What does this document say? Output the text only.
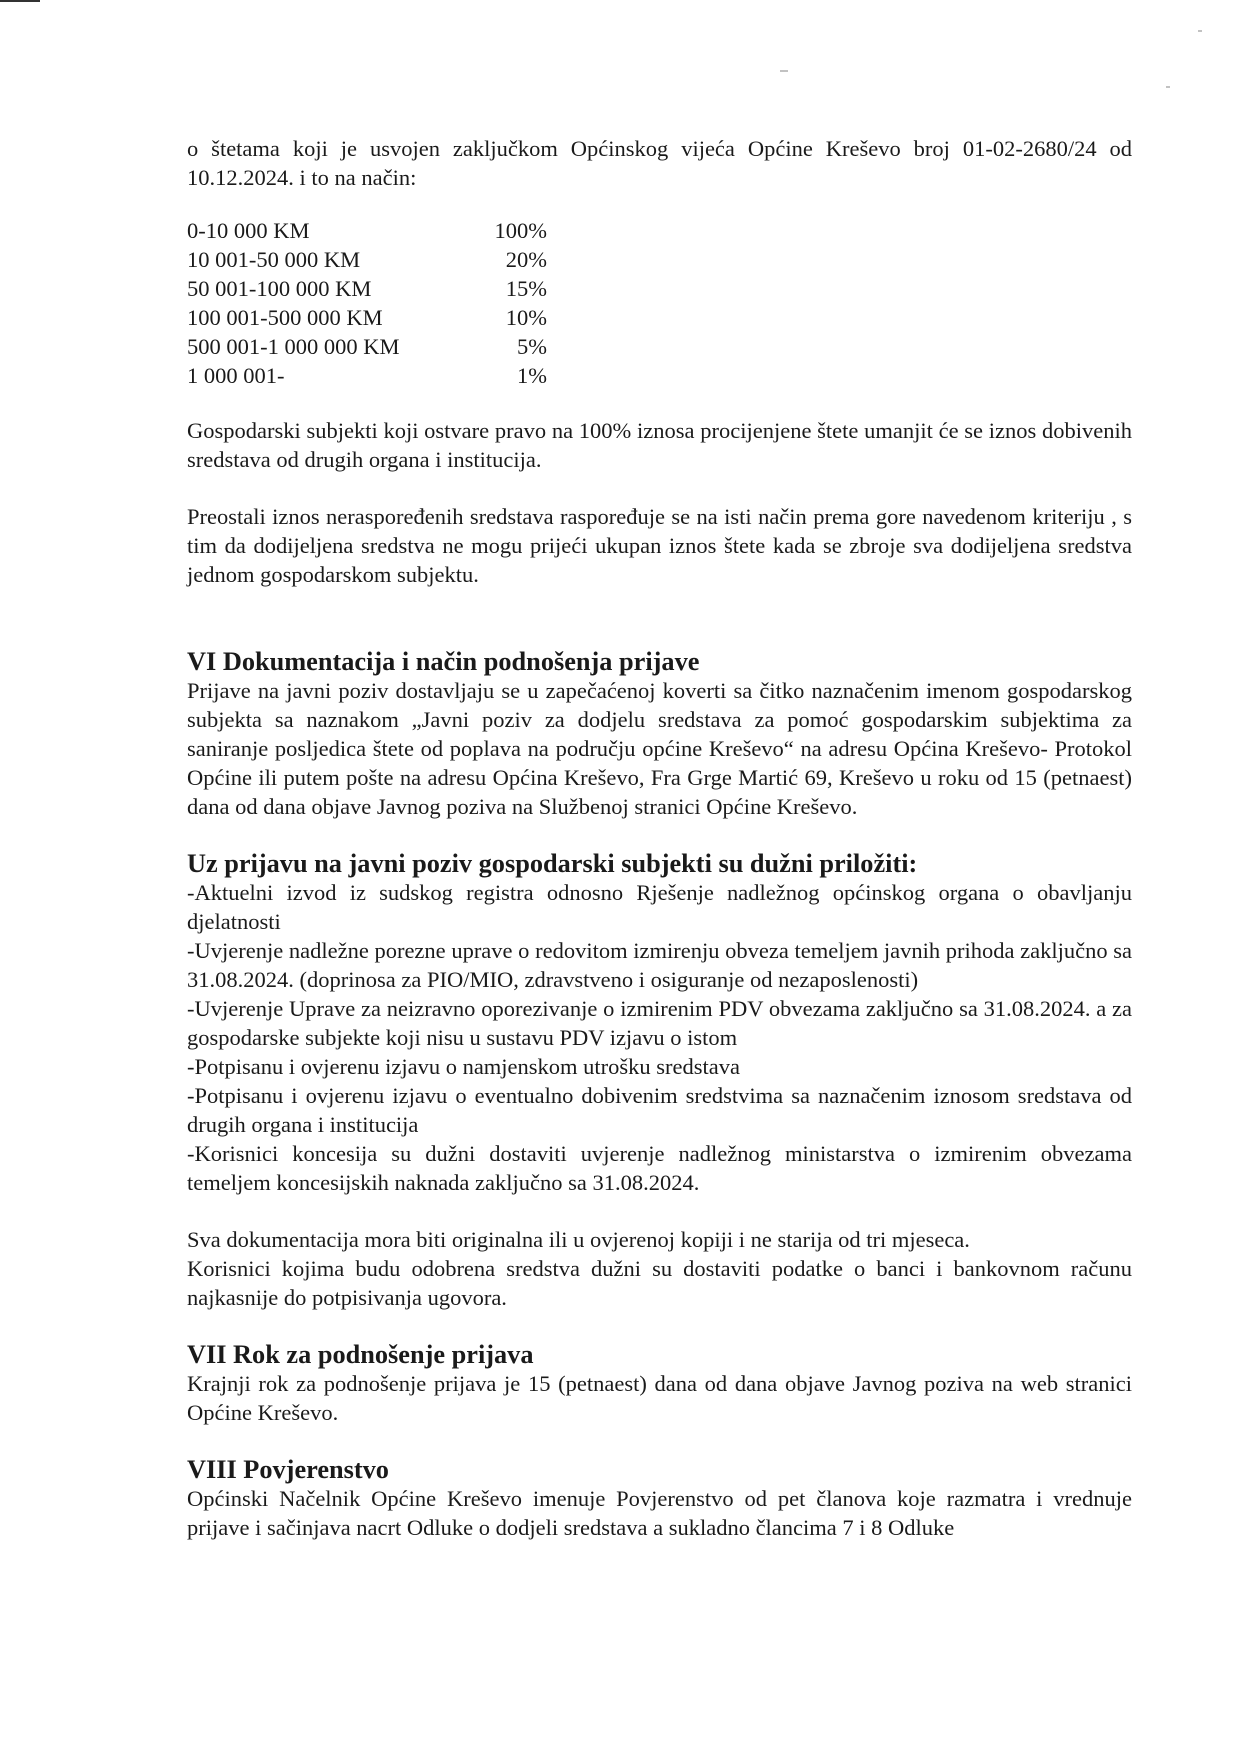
o štetama koji je usvojen zaključkom Općinskog vijeća Općine Kreševo broj 01-02-2680/24 od 10.12.2024. i to na način:

0-10 000 KM	100%
10 001-50 000 KM	20%
50 001-100 000 KM	15%
100 001-500 000 KM	10%
500 001-1 000 000 KM	5%
1 000 001-	1%

Gospodarski subjekti koji ostvare pravo na 100% iznosa procijenjene štete umanjit će se iznos dobivenih sredstava od drugih organa i institucija.

Preostali iznos neraspoređenih sredstava raspoređuje se na isti način prema gore navedenom kriteriju , s tim da dodijeljena sredstva ne mogu prijeći ukupan iznos štete kada se zbroje sva dodijeljena sredstva jednom gospodarskom subjektu.

VI Dokumentacija i način podnošenja prijave

Prijave na javni poziv dostavljaju se u zapečaćenoj koverti sa čitko naznačenim imenom gospodarskog subjekta sa naznakom „Javni poziv za dodjelu sredstava za pomoć gospodarskim subjektima za saniranje posljedica štete od poplava na području općine Kreševo“ na adresu Općina Kreševo- Protokol Općine ili putem pošte na adresu Općina Kreševo, Fra Grge Martić 69, Kreševo u roku od 15 (petnaest) dana od dana objave Javnog poziva na Službenoj stranici Općine Kreševo.

Uz prijavu na javni poziv gospodarski subjekti su dužni priložiti:

-Aktuelni izvod iz sudskog registra odnosno Rješenje nadležnog općinskog organa o obavljanju djelatnosti

-Uvjerenje nadležne porezne uprave o redovitom izmirenju obveza temeljem javnih prihoda zaključno sa 31.08.2024. (doprinosa za PIO/MIO, zdravstveno i osiguranje od nezaposlenosti)

-Uvjerenje Uprave za neizravno oporezivanje o izmirenim PDV obvezama zaključno sa 31.08.2024. a za gospodarske subjekte koji nisu u sustavu PDV izjavu o istom

-Potpisanu i ovjerenu izjavu o namjenskom utrošku sredstava

-Potpisanu i ovjerenu izjavu o eventualno dobivenim sredstvima sa naznačenim iznosom sredstava od drugih organa i institucija

-Korisnici koncesija su dužni dostaviti uvjerenje nadležnog ministarstva o izmirenim obvezama temeljem koncesijskih naknada zaključno sa 31.08.2024.

Sva dokumentacija mora biti originalna ili u ovjerenoj kopiji i ne starija od tri mjeseca.

Korisnici kojima budu odobrena sredstva dužni su dostaviti podatke o banci i bankovnom računu najkasnije do potpisivanja ugovora.

VII Rok za podnošenje prijava

Krajnji rok za podnošenje prijava je 15 (petnaest) dana od dana objave Javnog poziva na web stranici Općine Kreševo.

VIII Povjerenstvo

Općinski Načelnik Općine Kreševo imenuje Povjerenstvo od pet članova koje razmatra i vrednuje prijave i sačinjava nacrt Odluke o dodjeli sredstava a sukladno člancima 7 i 8 Odluke
